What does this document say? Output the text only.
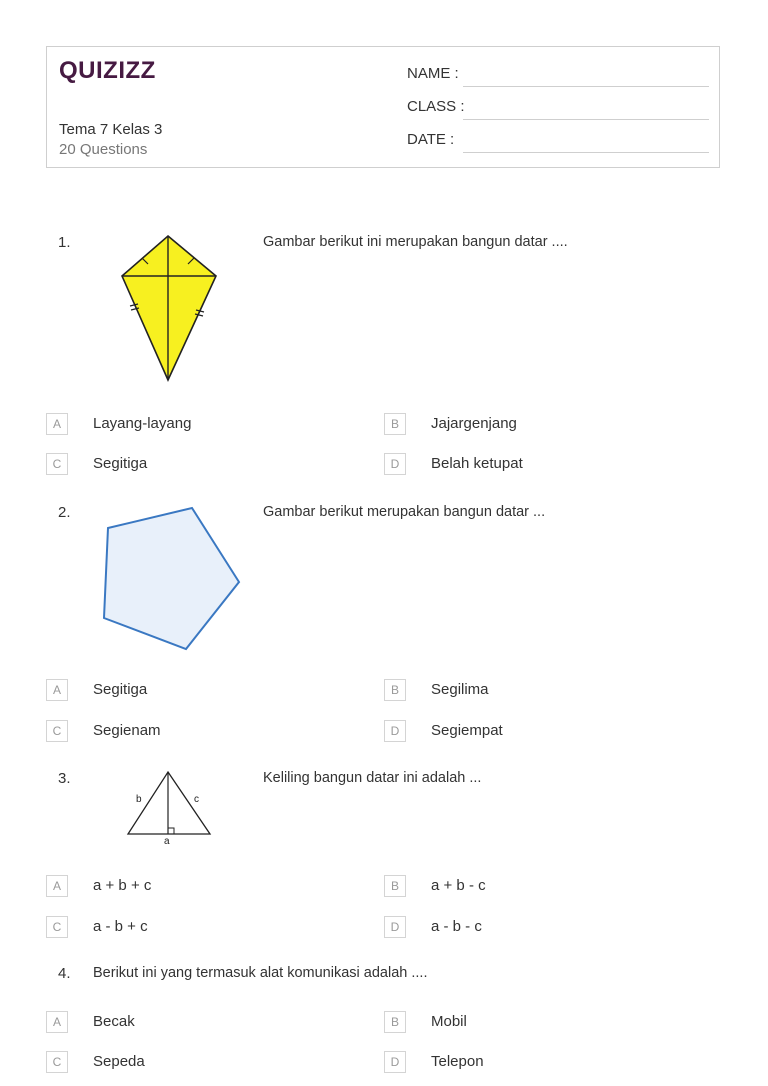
QUIZIZZ
Tema 7 Kelas 3
20 Questions
NAME :
CLASS :
DATE :
1.	Gambar berikut ini merupakan bangun datar ....
A	Layang-layang	B	Jajargenjang
C	Segitiga	D	Belah ketupat
2.	Gambar berikut merupakan bangun datar ...
A	Segitiga	B	Segilima
C	Segienam	D	Segiempat
3.
b	c
a
Keliling bangun datar ini adalah ...
A	a + b + c	B	a + b - c
C	a - b + c	D	a - b - c
4. Berikut ini yang termasuk alat komunikasi adalah ....
A	Becak	B	Mobil
C	Sepeda	D	Telepon
